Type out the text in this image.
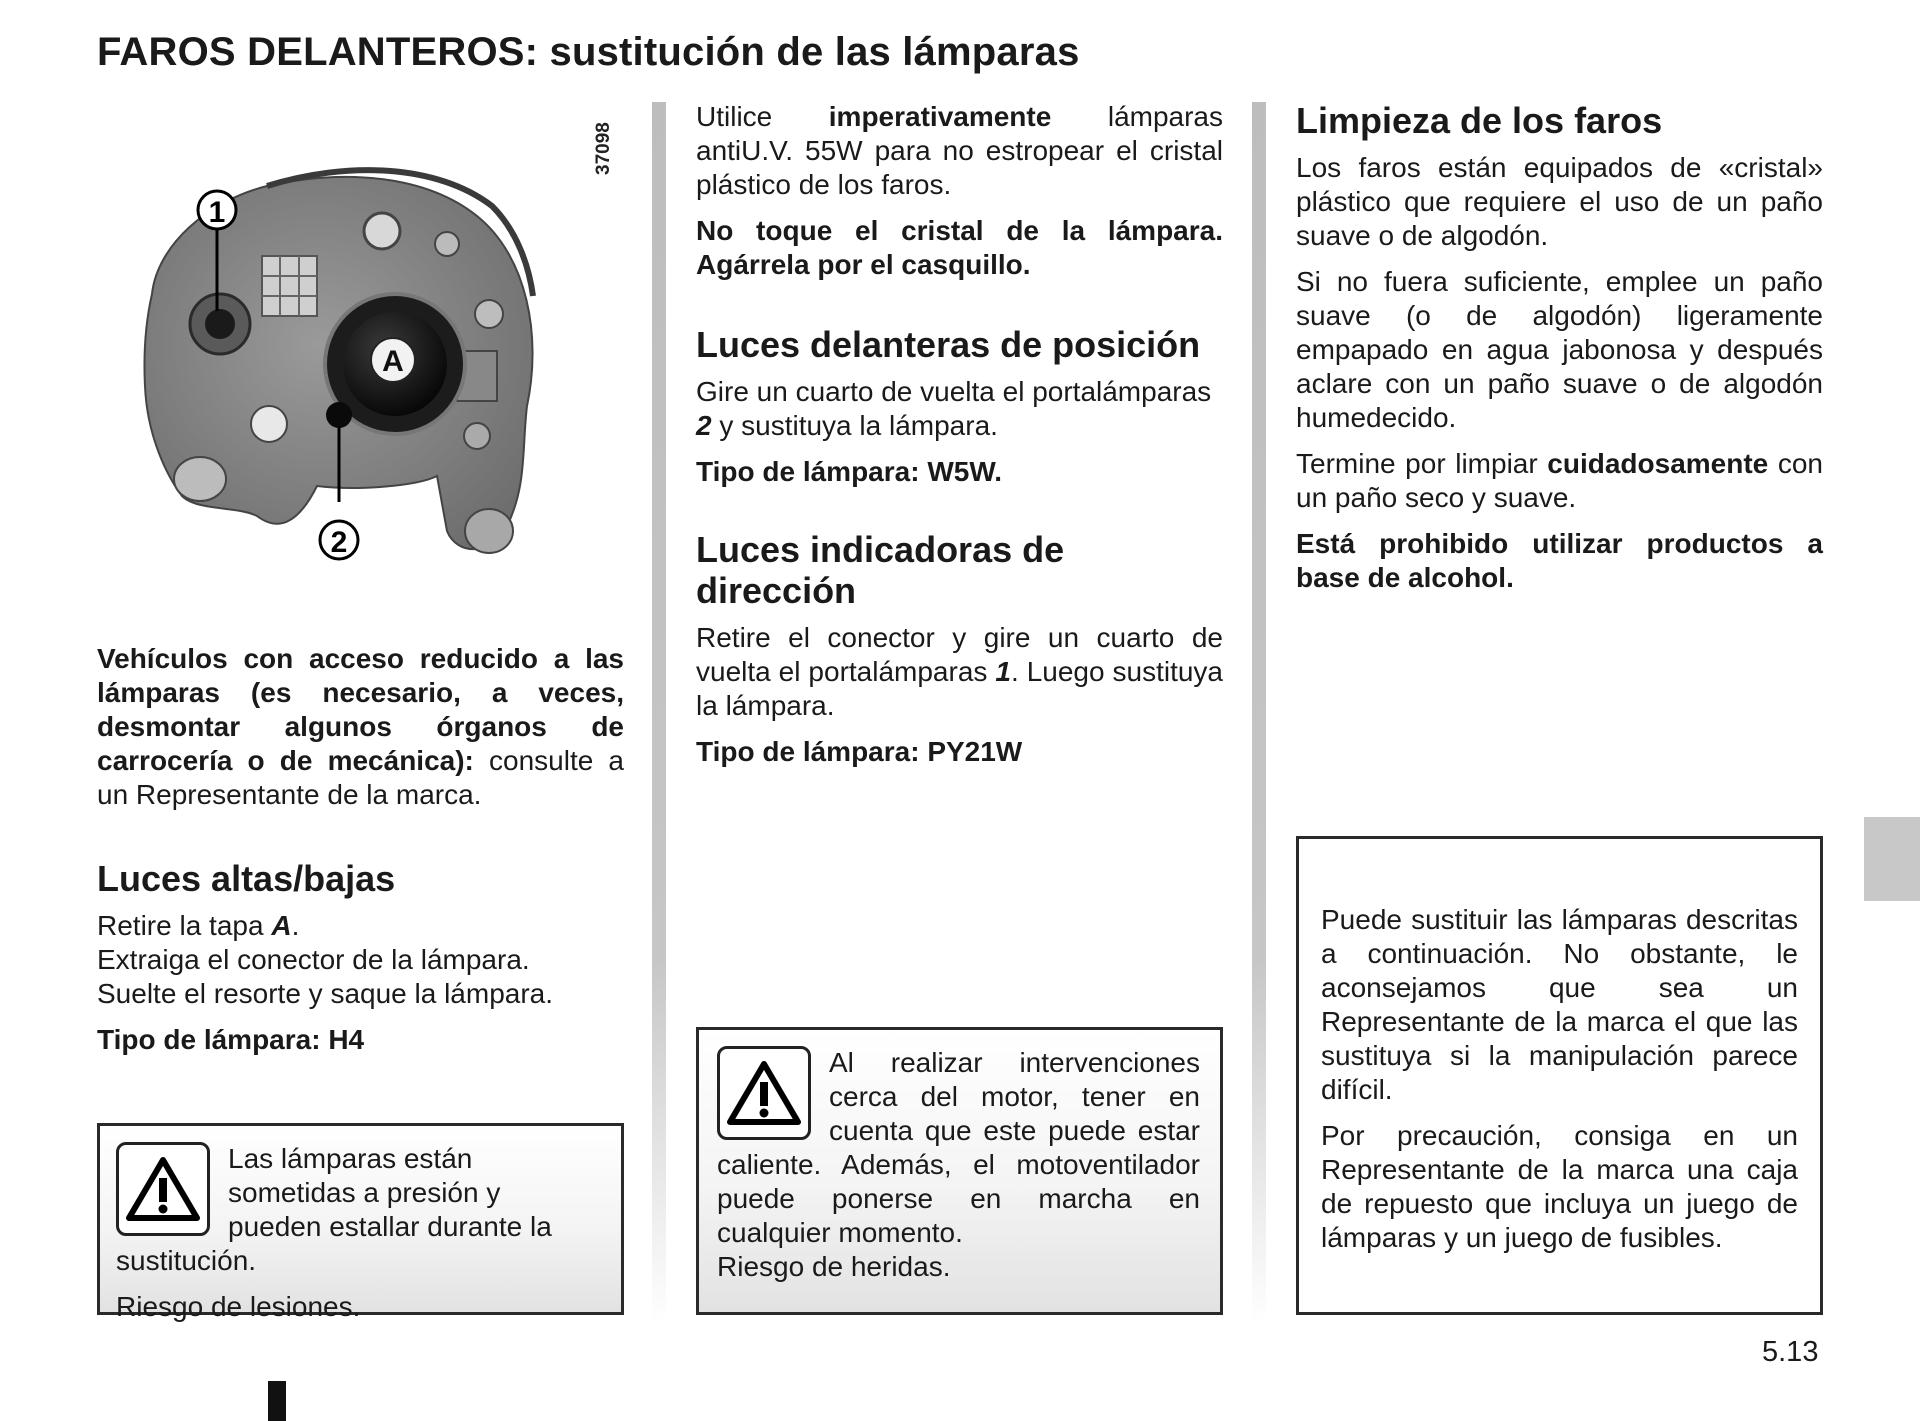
FAROS DELANTEROS: sustitución de las lámparas
A
1
2
37098

Vehículos con acceso reducido a las lámparas (es necesario, a veces, desmontar algunos órganos de carrocería o de mecánica): consulte a un Representante de la marca.

Luces altas/bajas

Retire la tapa A.

Extraiga el conector de la lámpara.

Suelte el resorte y saque la lámpara.

Tipo de lámpara: H4

Las lámparas están sometidas a presión y pueden estallar durante la sustitución.

Riesgo de lesiones.

Utilice imperativamente lámparas antiU.V. 55W para no estropear el cristal plástico de los faros.

No toque el cristal de la lámpara. Agárrela por el casquillo.

Luces delanteras de posición

Gire un cuarto de vuelta el portalámparas 2 y sustituya la lámpara.

Tipo de lámpara: W5W.

Luces indicadoras de dirección

Retire el conector y gire un cuarto de vuelta el portalámparas 1. Luego sustituya la lámpara.

Tipo de lámpara: PY21W

Al realizar intervenciones cerca del motor, tener en cuenta que este puede estar caliente. Además, el motoventilador puede ponerse en marcha en cualquier momento.

Riesgo de heridas.

Limpieza de los faros

Los faros están equipados de «cristal» plástico que requiere el uso de un paño suave o de algodón.

Si no fuera suficiente, emplee un paño suave (o de algodón) ligeramente empapado en agua jabonosa y después aclare con un paño suave o de algodón humedecido.

Termine por limpiar cuidadosamente con un paño seco y suave.

Está prohibido utilizar productos a base de alcohol.

Puede sustituir las lámparas descritas a continuación. No obstante, le aconsejamos que sea un Representante de la marca el que las sustituya si la manipulación parece difícil.

Por precaución, consiga en un Representante de la marca una caja de repuesto que incluya un juego de lámparas y un juego de fusibles.

5.13
